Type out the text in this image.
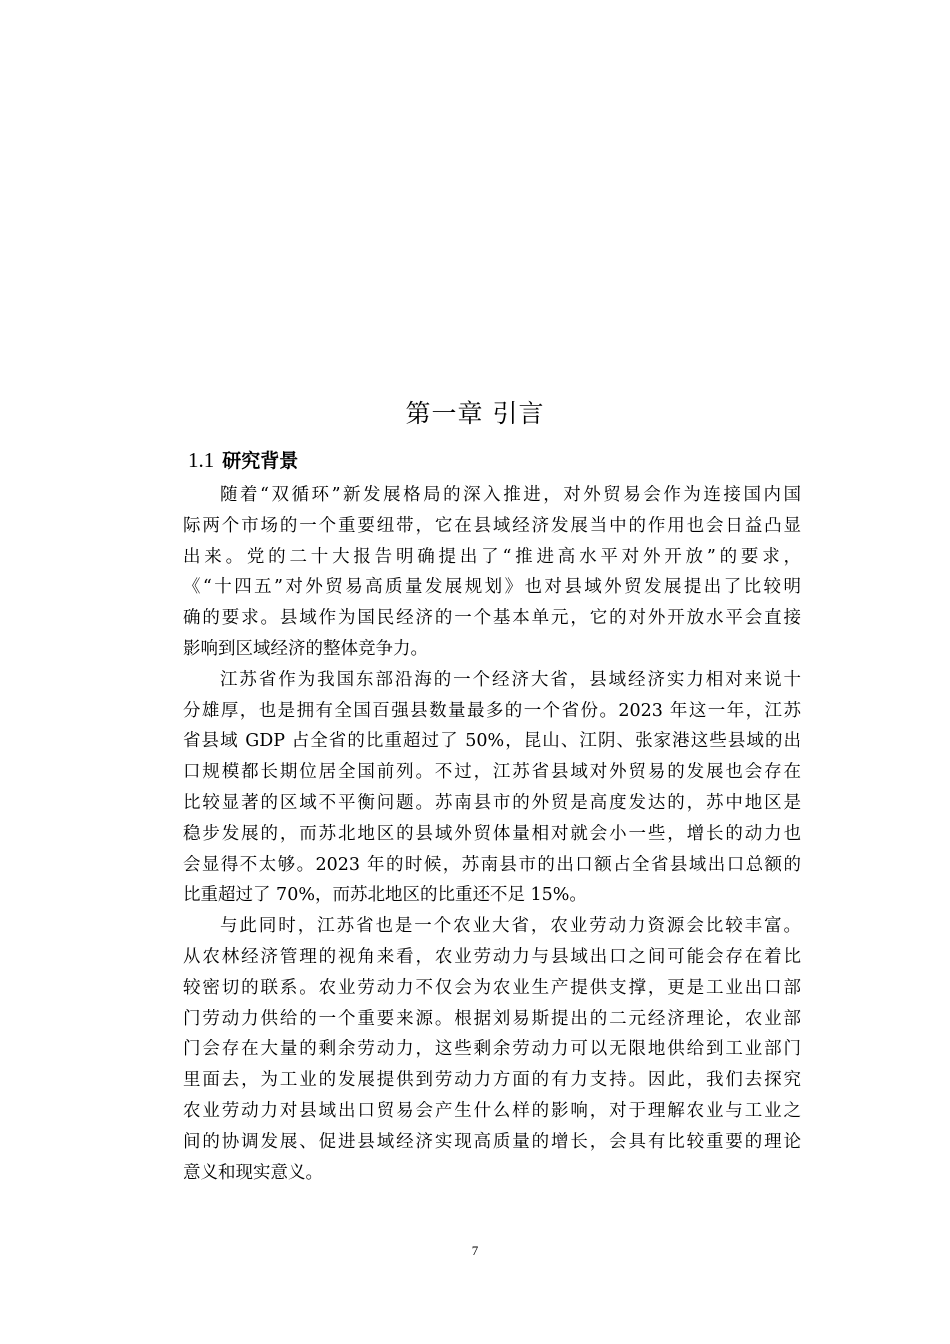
第一章 引言
1.1 研究背景
随着“双循环”新发展格局的深入推进，对外贸易会作为连接国内国
际两个市场的一个重要纽带，它在县域经济发展当中的作用也会日益凸显
出来。党的二十大报告明确提出了“推进高水平对外开放”的要求，
《“十四五”对外贸易高质量发展规划》也对县域外贸发展提出了比较明
确的要求。县域作为国民经济的一个基本单元，它的对外开放水平会直接
影响到区域经济的整体竞争力。
江苏省作为我国东部沿海的一个经济大省，县域经济实力相对来说十
分雄厚，也是拥有全国百强县数量最多的一个省份。2023 年这一年，江苏
省县域 GDP 占全省的比重超过了 50%，昆山、江阴、张家港这些县域的出
口规模都长期位居全国前列。不过，江苏省县域对外贸易的发展也会存在
比较显著的区域不平衡问题。苏南县市的外贸是高度发达的，苏中地区是
稳步发展的，而苏北地区的县域外贸体量相对就会小一些，增长的动力也
会显得不太够。2023 年的时候，苏南县市的出口额占全省县域出口总额的
比重超过了 70%，而苏北地区的比重还不足 15%。
与此同时，江苏省也是一个农业大省，农业劳动力资源会比较丰富。
从农林经济管理的视角来看，农业劳动力与县域出口之间可能会存在着比
较密切的联系。农业劳动力不仅会为农业生产提供支撑，更是工业出口部
门劳动力供给的一个重要来源。根据刘易斯提出的二元经济理论，农业部
门会存在大量的剩余劳动力，这些剩余劳动力可以无限地供给到工业部门
里面去，为工业的发展提供到劳动力方面的有力支持。因此，我们去探究
农业劳动力对县域出口贸易会产生什么样的影响，对于理解农业与工业之
间的协调发展、促进县域经济实现高质量的增长，会具有比较重要的理论
意义和现实意义。
7
